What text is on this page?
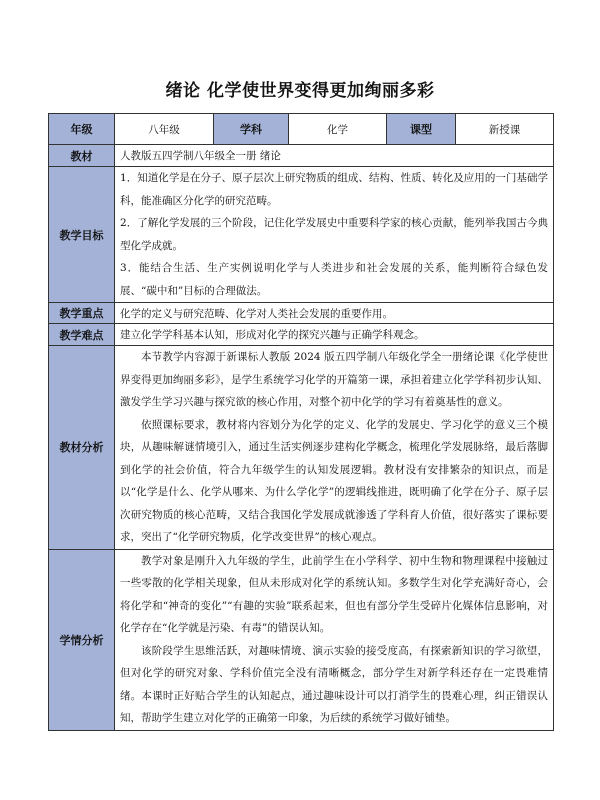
绪论 化学使世界变得更加绚丽多彩
年级	八年级	学科	化学	课型	新授课
教材	人教版五四学制八年级全一册 绪论				
教学目标	1．知道化学是在分子、原子层次上研究物质的组成、结构、性质、转化及应用的一门基础学科，能准确区分化学的研究范畴。

2．了解化学发展的三个阶段，记住化学发展史中重要科学家的核心贡献，能列举我国古今典型化学成就。

3．能结合生活、生产实例说明化学与人类进步和社会发展的关系，能判断符合绿色发展、“碳中和”目标的合理做法。				

教学重点	化学的定义与研究范畴、化学对人类社会发展的重要作用。				
教学难点	建立化学学科基本认知，形成对化学的探究兴趣与正确学科观念。				
教材分析	本节教学内容源于新课标人教版 2024 版五四学制八年级化学全一册绪论课《化学使世界变得更加绚丽多彩》，是学生系统学习化学的开篇第一课，承担着建立化学学科初步认知、激发学生学习兴趣与探究欲的核心作用，对整个初中化学的学习有着奠基性的意义。

依照课标要求，教材将内容划分为化学的定义、化学的发展史、学习化学的意义三个模块，从趣味解谜情境引入，通过生活实例逐步建构化学概念，梳理化学发展脉络，最后落脚到化学的社会价值，符合九年级学生的认知发展逻辑。教材没有安排繁杂的知识点，而是以“化学是什么、化学从哪来、为什么学化学”的逻辑线推进，既明确了化学在分子、原子层次研究物质的核心范畴，又结合我国化学发展成就渗透了学科育人价值，很好落实了课标要求，突出了“化学研究物质，化学改变世界”的核心观点。				

学情分析	教学对象是刚升入九年级的学生，此前学生在小学科学、初中生物和物理课程中接触过一些零散的化学相关现象，但从未形成对化学的系统认知。多数学生对化学充满好奇心，会将化学和“神奇的变化”“有趣的实验”联系起来，但也有部分学生受碎片化媒体信息影响，对化学存在“化学就是污染、有毒”的错误认知。

该阶段学生思维活跃，对趣味情境、演示实验的接受度高，有探索新知识的学习欲望，但对化学的研究对象、学科价值完全没有清晰概念，部分学生对新学科还存在一定畏难情绪。本课时正好贴合学生的认知起点，通过趣味设计可以打消学生的畏难心理，纠正错误认知，帮助学生建立对化学的正确第一印象，为后续的系统学习做好铺垫。				
